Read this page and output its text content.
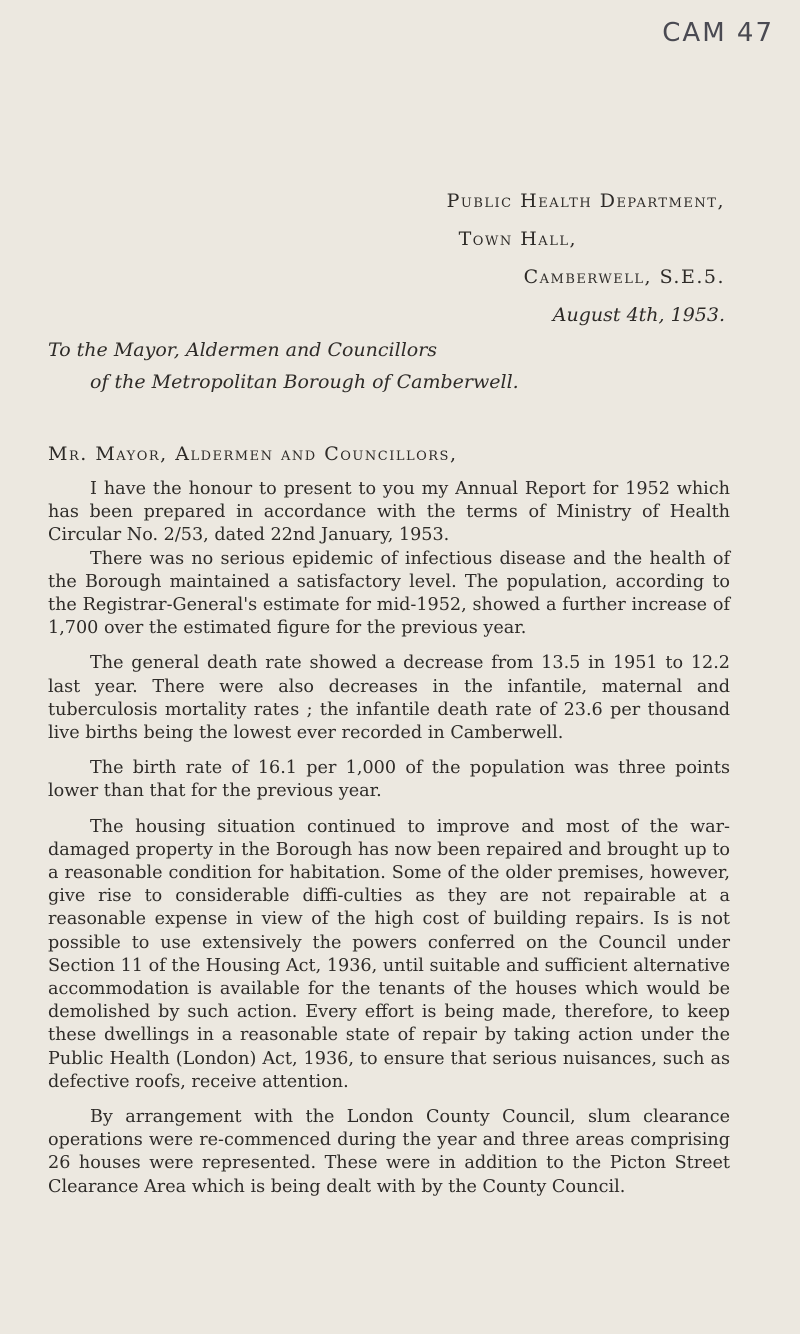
CAM 47
Public Health Department,
Town Hall,
Camberwell, S.E.5.
August 4th, 1953.
To the Mayor, Aldermen and Councillors
of the Metropolitan Borough of Camberwell.
Mr. Mayor, Aldermen and Councillors,

I have the honour to present to you my Annual Report for 1952 which has been prepared in accordance with the terms of Ministry of Health Circular No. 2/53, dated 22nd January, 1953.

There was no serious epidemic of infectious disease and the health of the Borough maintained a satisfactory level. The population, according to the Registrar-General's estimate for mid-1952, showed a further increase of 1,700 over the estimated figure for the previous year.

The general death rate showed a decrease from 13.5 in 1951 to 12.2 last year. There were also decreases in the infantile, maternal and tuberculosis mortality rates ; the infantile death rate of 23.6 per thousand live births being the lowest ever recorded in Camberwell.

The birth rate of 16.1 per 1,000 of the population was three points lower than that for the previous year.

The housing situation continued to improve and most of the war-damaged property in the Borough has now been repaired and brought up to a reasonable condition for habitation. Some of the older premises, however, give rise to considerable diffi-culties as they are not repairable at a reasonable expense in view of the high cost of building repairs. Is is not possible to use extensively the powers conferred on the Council under Section 11 of the Housing Act, 1936, until suitable and sufficient alternative accommodation is available for the tenants of the houses which would be demolished by such action. Every effort is being made, therefore, to keep these dwellings in a reasonable state of repair by taking action under the Public Health (London) Act, 1936, to ensure that serious nuisances, such as defective roofs, receive attention.

By arrangement with the London County Council, slum clearance operations were re-commenced during the year and three areas comprising 26 houses were represented. These were in addition to the Picton Street Clearance Area which is being dealt with by the County Council.
